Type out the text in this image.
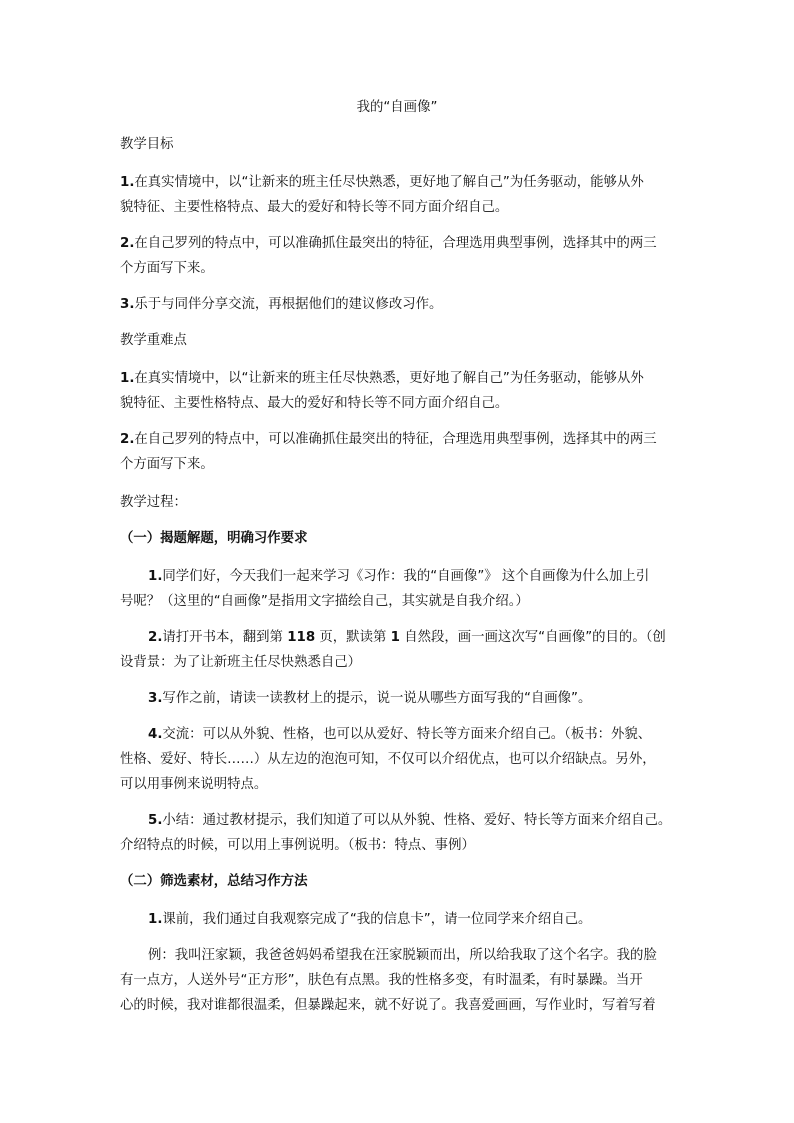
我的“自画像”
教学目标
1.在真实情境中，以“让新来的班主任尽快熟悉，更好地了解自己”为任务驱动，能够从外
貌特征、主要性格特点、最大的爱好和特长等不同方面介绍自己。
2.在自己罗列的特点中，可以准确抓住最突出的特征，合理选用典型事例，选择其中的两三
个方面写下来。
3.乐于与同伴分享交流，再根据他们的建议修改习作。
教学重难点
1.在真实情境中，以“让新来的班主任尽快熟悉，更好地了解自己”为任务驱动，能够从外
貌特征、主要性格特点、最大的爱好和特长等不同方面介绍自己。
2.在自己罗列的特点中，可以准确抓住最突出的特征，合理选用典型事例，选择其中的两三
个方面写下来。
教学过程：
（一）揭题解题，明确习作要求
1.同学们好，今天我们一起来学习《习作：我的“自画像”》 这个自画像为什么加上引
号呢？（这里的“自画像”是指用文字描绘自己，其实就是自我介绍。）
2.请打开书本，翻到第 118 页，默读第 1 自然段，画一画这次写“自画像”的目的。（创
设背景：为了让新班主任尽快熟悉自己）
3.写作之前，请读一读教材上的提示，说一说从哪些方面写我的“自画像”。
4.交流：可以从外貌、性格，也可以从爱好、特长等方面来介绍自己。（板书：外貌、
性格、爱好、特长……）从左边的泡泡可知，不仅可以介绍优点，也可以介绍缺点。另外，
可以用事例来说明特点。
5.小结：通过教材提示，我们知道了可以从外貌、性格、爱好、特长等方面来介绍自己。
介绍特点的时候，可以用上事例说明。（板书：特点、事例）
（二）筛选素材，总结习作方法
1.课前，我们通过自我观察完成了“我的信息卡”，请一位同学来介绍自己。
例：我叫汪家颖，我爸爸妈妈希望我在汪家脱颖而出，所以给我取了这个名字。我的脸
有一点方，人送外号“正方形”，肤色有点黑。我的性格多变，有时温柔，有时暴躁。当开
心的时候，我对谁都很温柔，但暴躁起来，就不好说了。我喜爱画画，写作业时，写着写着
